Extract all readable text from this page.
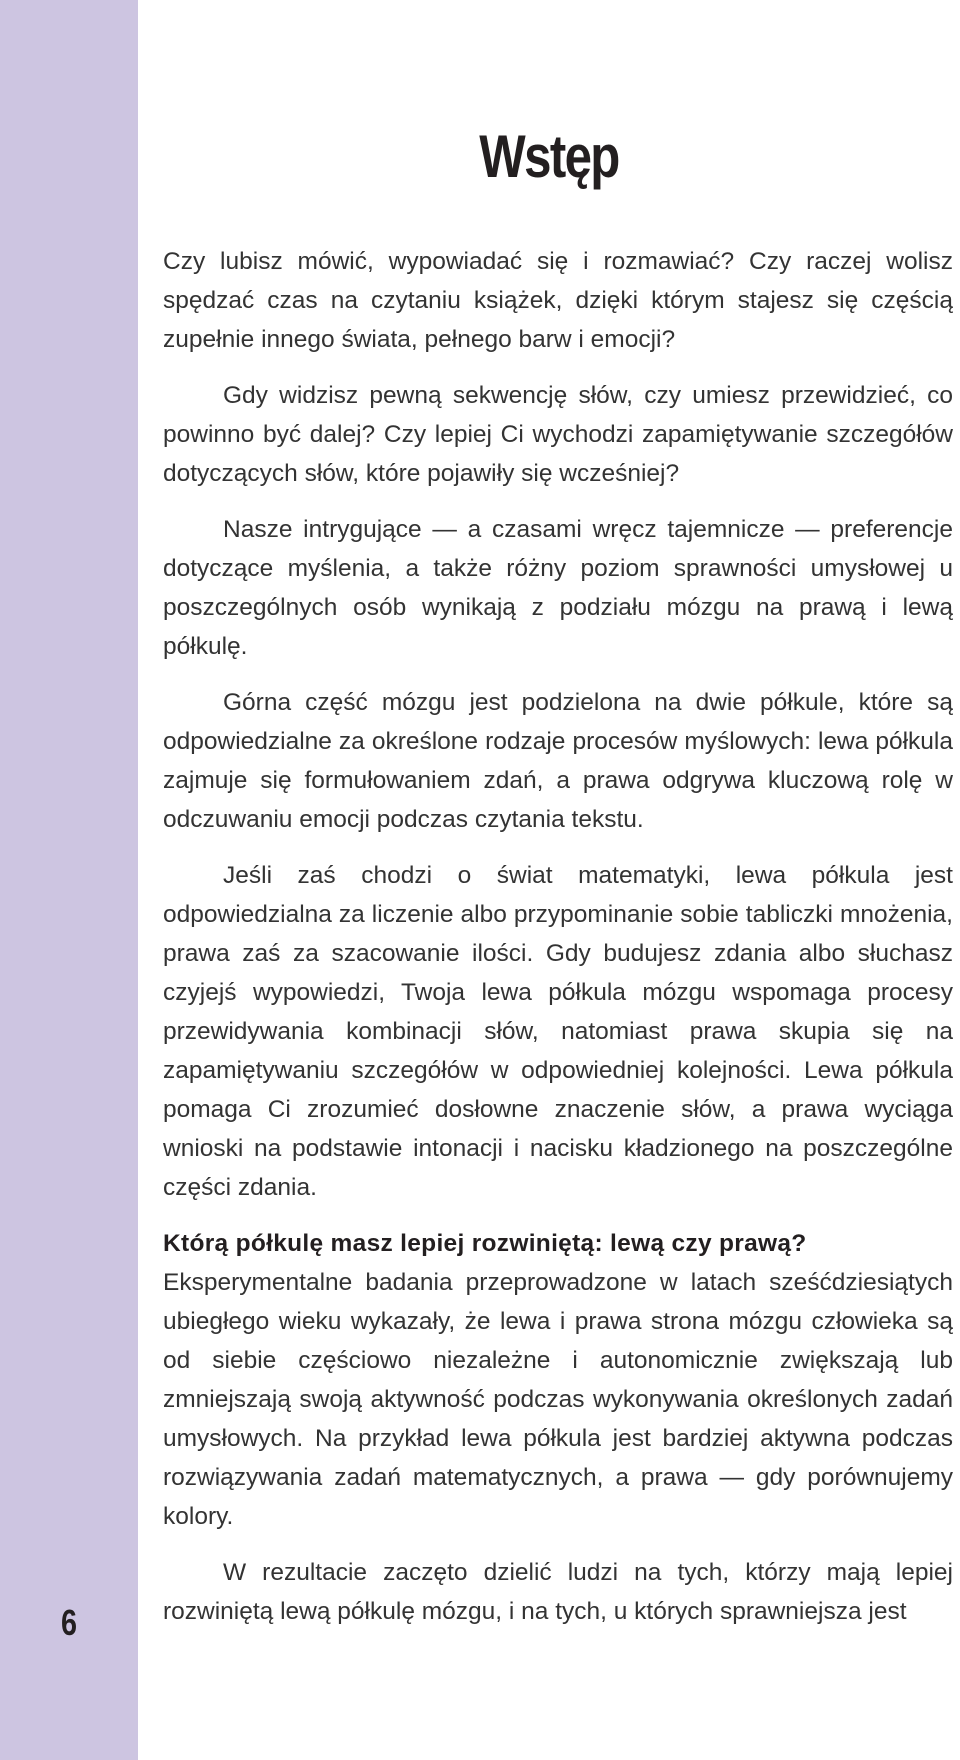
6
Wstęp

Czy lubisz mówić, wypowiadać się i rozmawiać? Czy raczej wolisz spędzać czas na czytaniu książek, dzięki którym stajesz się częścią zupełnie innego świata, pełnego barw i emocji?

Gdy widzisz pewną sekwencję słów, czy umiesz przewidzieć, co powinno być dalej? Czy lepiej Ci wychodzi zapamiętywanie szczegółów dotyczących słów, które pojawiły się wcześniej?

Nasze intrygujące — a czasami wręcz tajemnicze — preferencje dotyczące myślenia, a także różny poziom sprawności umysłowej u poszczególnych osób wynikają z podziału mózgu na prawą i lewą półkulę.

Górna część mózgu jest podzielona na dwie półkule, które są odpowiedzialne za określone rodzaje procesów myślowych: lewa półkula zajmuje się formułowaniem zdań, a prawa odgrywa kluczową rolę w odczuwaniu emocji podczas czytania tekstu.

Jeśli zaś chodzi o świat matematyki, lewa półkula jest odpowiedzialna za liczenie albo przypominanie sobie tabliczki mnożenia, prawa zaś za szacowanie ilości. Gdy budujesz zdania albo słuchasz czyjejś wypowiedzi, Twoja lewa półkula mózgu wspomaga procesy przewidywania kombinacji słów, natomiast prawa skupia się na zapamiętywaniu szczegółów w odpowiedniej kolejności. Lewa półkula pomaga Ci zrozumieć dosłowne znaczenie słów, a prawa wyciąga wnioski na podstawie intonacji i nacisku kładzionego na poszczególne części zdania.

Którą półkulę masz lepiej rozwiniętą: lewą czy prawą?
Eksperymentalne badania przeprowadzone w latach sześćdziesiątych ubiegłego wieku wykazały, że lewa i prawa strona mózgu człowieka są od siebie częściowo niezależne i autonomicznie zwiększają lub zmniejszają swoją aktywność podczas wykonywania określonych zadań umysłowych. Na przykład lewa półkula jest bardziej aktywna podczas rozwiązywania zadań matematycznych, a prawa — gdy porównujemy kolory.

W rezultacie zaczęto dzielić ludzi na tych, którzy mają lepiej rozwiniętą lewą półkulę mózgu, i na tych, u których sprawniejsza jest
